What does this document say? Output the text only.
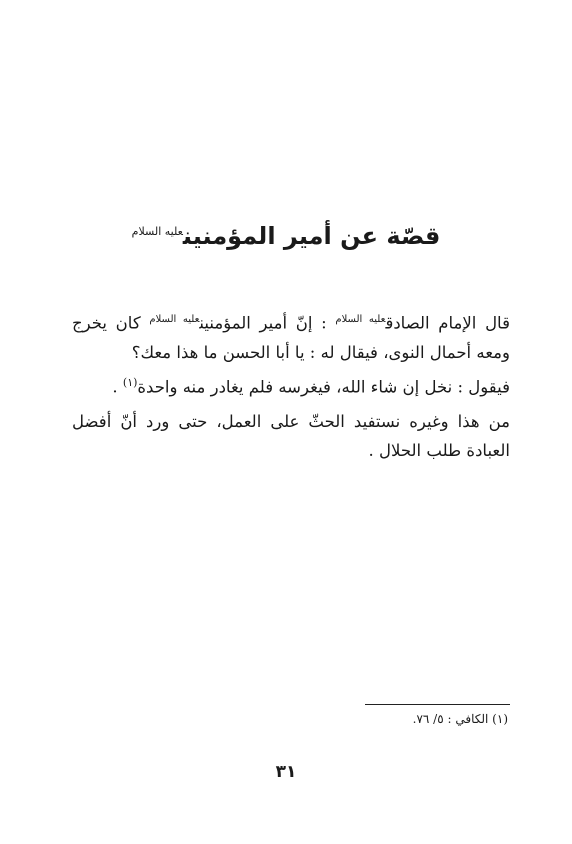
قصّة عن أمير المؤمنين$^{عليه السلام}$
قال الإمام الصادق$^{عليه السلام}$ : إنّ أمير المؤمنين$^{عليه السلام}$ كان يخرج ومعه أحمال النوى، فيقال له : يا أبا الحسن ما هذا معك؟
فيقول : نخل إن شاء الله، فيغرسه فلم يغادر منه واحدة$^{(١)}$ .
من هذا وغيره نستفيد الحثّ على العمل، حتى ورد أنّ أفضل العبادة طلب الحلال .
(١) الكافي : ٥/ ٧٦.
٣١
